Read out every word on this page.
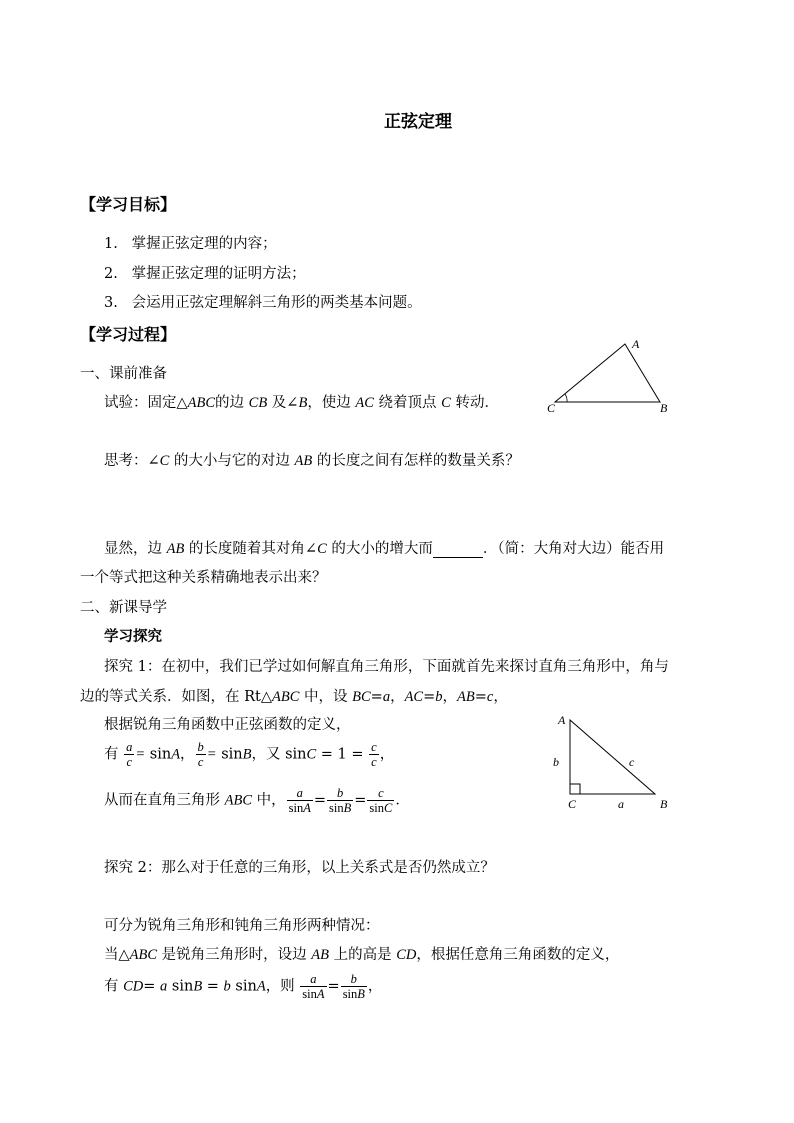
正弦定理
【学习目标】
1. 掌握正弦定理的内容；
2. 掌握正弦定理的证明方法；
3. 会运用正弦定理解斜三角形的两类基本问题。
【学习过程】
一、课前准备
试验：固定△ABC的边 CB 及∠B，使边 AC 绕着顶点 C 转动．
A
C	B
思考：∠C 的大小与它的对边 AB 的长度之间有怎样的数量关系？
显然，边 AB 的长度随着其对角∠C 的大小的增大而	．（简：大角对大边）能否用
一个等式把这种关系精确地表示出来？
二、新课导学
学习探究
探究 1：在初中，我们已学过如何解直角三角形，下面就首先来探讨直角三角形中，角与
边的等式关系．如图，在 Rt△ABC 中，设 BC=a，AC=b，AB=c，
根据锐角三角函数中正弦函数的定义，
有 $\frac{a}{c} = \sin A$， $\frac{b}{c} = \sin B$，又 $\sin C = 1 = \frac{c}{c}$ ，
从而在直角三角形 ABC 中， $\frac{a}{\sin A} = \frac{b}{\sin B} = \frac{c}{\sin C}$ ．
A
b	c
C	a	B
探究 2：那么对于任意的三角形，以上关系式是否仍然成立？
可分为锐角三角形和钝角三角形两种情况：
当△ABC 是锐角三角形时，设边 AB 上的高是 CD，根据任意角三角函数的定义，
有 CD= a sinB = b sinA，则 $\frac{a}{\sin A} = \frac{b}{\sin B}$ ，
